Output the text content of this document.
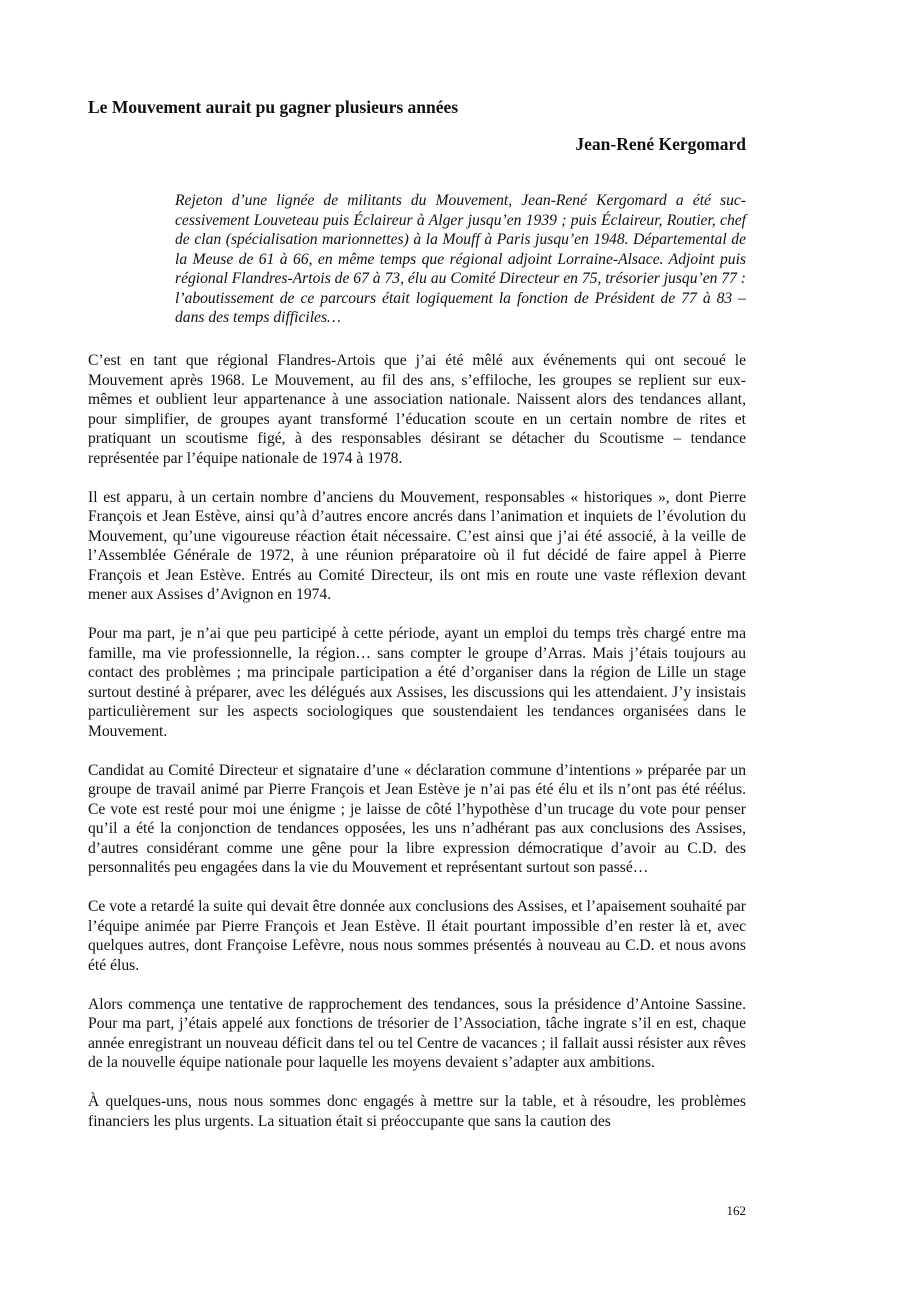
Le Mouvement aurait pu gagner plusieurs années
Jean-René Kergomard

Rejeton d’une lignée de militants du Mouvement, Jean-René Kergomard a été successivement Louveteau puis Éclaireur à Alger jusqu’en 1939 ; puis Éclaireur, Routier, chef de clan (spécialisation marionnettes) à la Mouff à Paris jusqu’en 1948. Départemental de la Meuse de 61 à 66, en même temps que régional adjoint Lorraine-Alsace. Adjoint puis régional Flandres-Artois de 67 à 73, élu au Comité Directeur en 75, trésorier jusqu’en 77 : l’aboutissement de ce parcours était logiquement la fonction de Président de 77 à 83 – dans des temps difficiles…

C’est en tant que régional Flandres-Artois que j’ai été mêlé aux événements qui ont secoué le Mouvement après 1968. Le Mouvement, au fil des ans, s’effiloche, les groupes se replient sur eux-mêmes et oublient leur appartenance à une association nationale. Naissent alors des tendances allant, pour simplifier, de groupes ayant transformé l’éducation scoute en un certain nombre de rites et pratiquant un scoutisme figé, à des responsables désirant se détacher du Scoutisme – tendance représentée par l’équipe nationale de 1974 à 1978.

Il est apparu, à un certain nombre d’anciens du Mouvement, responsables « historiques », dont Pierre François et Jean Estève, ainsi qu’à d’autres encore ancrés dans l’animation et inquiets de l’évolution du Mouvement, qu’une vigoureuse réaction était nécessaire. C’est ainsi que j’ai été associé, à la veille de l’Assemblée Générale de 1972, à une réunion préparatoire où il fut décidé de faire appel à Pierre François et Jean Estève. Entrés au Comité Directeur, ils ont mis en route une vaste réflexion devant mener aux Assises d’Avignon en 1974.

Pour ma part, je n’ai que peu participé à cette période, ayant un emploi du temps très chargé entre ma famille, ma vie professionnelle, la région… sans compter le groupe d’Arras. Mais j’étais toujours au contact des problèmes ; ma principale participation a été d’organiser dans la région de Lille un stage surtout destiné à préparer, avec les délégués aux Assises, les discussions qui les attendaient. J’y insistais particulièrement sur les aspects sociologiques que soustendaient les tendances organisées dans le Mouvement.

Candidat au Comité Directeur et signataire d’une « déclaration commune d’intentions » préparée par un groupe de travail animé par Pierre François et Jean Estève je n’ai pas été élu et ils n’ont pas été réélus. Ce vote est resté pour moi une énigme ; je laisse de côté l’hypothèse d’un trucage du vote pour penser qu’il a été la conjonction de tendances opposées, les uns n’adhérant pas aux conclusions des Assises, d’autres considérant comme une gêne pour la libre expression démocratique d’avoir au C.D. des personnalités peu engagées dans la vie du Mouvement et représentant surtout son passé…

Ce vote a retardé la suite qui devait être donnée aux conclusions des Assises, et l’apaisement souhaité par l’équipe animée par Pierre François et Jean Estève. Il était pourtant impossible d’en rester là et, avec quelques autres, dont Françoise Lefèvre, nous nous sommes présentés à nouveau au C.D. et nous avons été élus.

Alors commença une tentative de rapprochement des tendances, sous la présidence d’Antoine Sassine. Pour ma part, j’étais appelé aux fonctions de trésorier de l’Association, tâche ingrate s’il en est, chaque année enregistrant un nouveau déficit dans tel ou tel Centre de vacances ; il fallait aussi résister aux rêves de la nouvelle équipe nationale pour laquelle les moyens devaient s’adapter aux ambitions.

À quelques-uns, nous nous sommes donc engagés à mettre sur la table, et à résoudre, les problèmes financiers les plus urgents. La situation était si préoccupante que sans la caution des

162
